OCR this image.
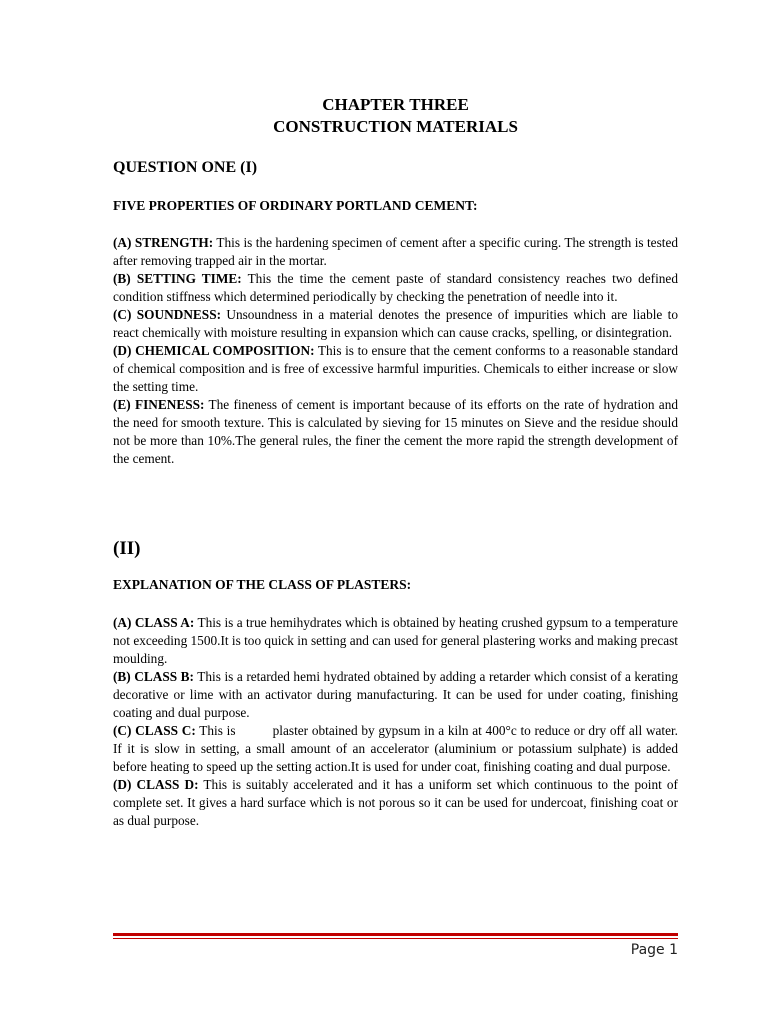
CHAPTER THREE
CONSTRUCTION MATERIALS

QUESTION ONE (I)

FIVE PROPERTIES OF ORDINARY PORTLAND CEMENT:

(A) STRENGTH: This is the hardening specimen of cement after a specific curing. The strength is tested after removing trapped air in the mortar.

(B) SETTING TIME: This the time the cement paste of standard consistency reaches two defined condition stiffness which determined periodically by checking the penetration of needle into it.

(C) SOUNDNESS: Unsoundness in a material denotes the presence of impurities which are liable to react chemically with moisture resulting in expansion which can cause cracks, spelling, or disintegration.

(D) CHEMICAL COMPOSITION: This is to ensure that the cement conforms to a reasonable standard of chemical composition and is free of excessive harmful impurities. Chemicals to either increase or slow the setting time.

(E) FINENESS: The fineness of cement is important because of its efforts on the rate of hydration and the need for smooth texture. This is calculated by sieving for 15 minutes on Sieve and the residue should not be more than 10%.The general rules, the finer the cement the more rapid the strength development of the cement.

(II)

EXPLANATION OF THE CLASS OF PLASTERS:

(A) CLASS A: This is a true hemihydrates which is obtained by heating crushed gypsum to a temperature not exceeding 1500.It is too quick in setting and can used for general plastering works and making precast moulding.

(B) CLASS B: This is a retarded hemi hydrated obtained by adding a retarder which consist of a kerating decorative or lime with an activator during manufacturing. It can be used for under coating, finishing coating and dual purpose.

(C) CLASS C: This is          plaster obtained by gypsum in a kiln at 400°c to reduce or dry off all water. If it is slow in setting, a small amount of an accelerator (aluminium or potassium sulphate) is added before heating to speed up the setting action.It is used for under coat, finishing coating and dual purpose.

(D) CLASS D: This is suitably accelerated and it has a uniform set which continuous to the point of complete set. It gives a hard surface which is not porous so it can be used for undercoat, finishing coat or as dual purpose.

Page 1
